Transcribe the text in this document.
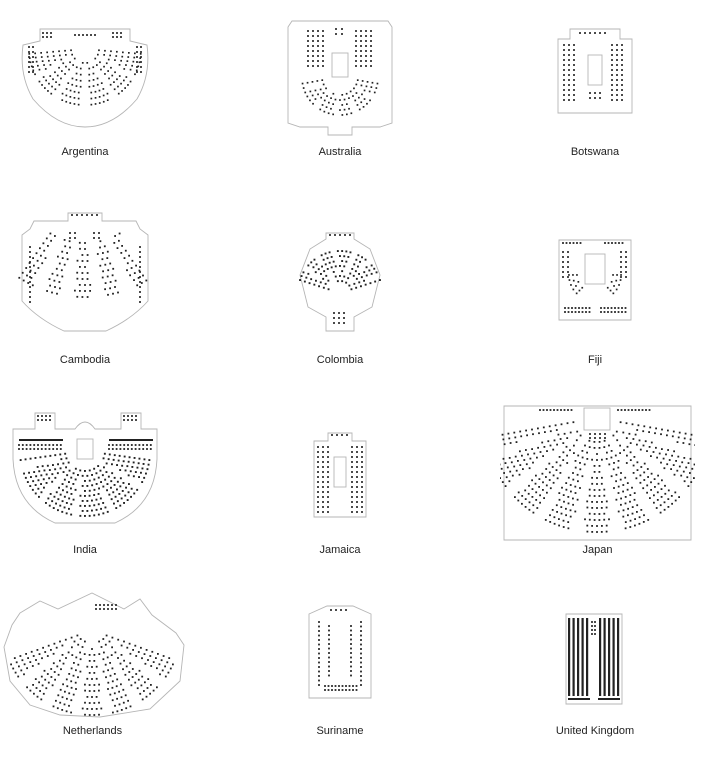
Argentina	Australia	Botswana
Cambodia	Colombia	Fiji
India	Jamaica	Japan
Netherlands	Suriname	United Kingdom
